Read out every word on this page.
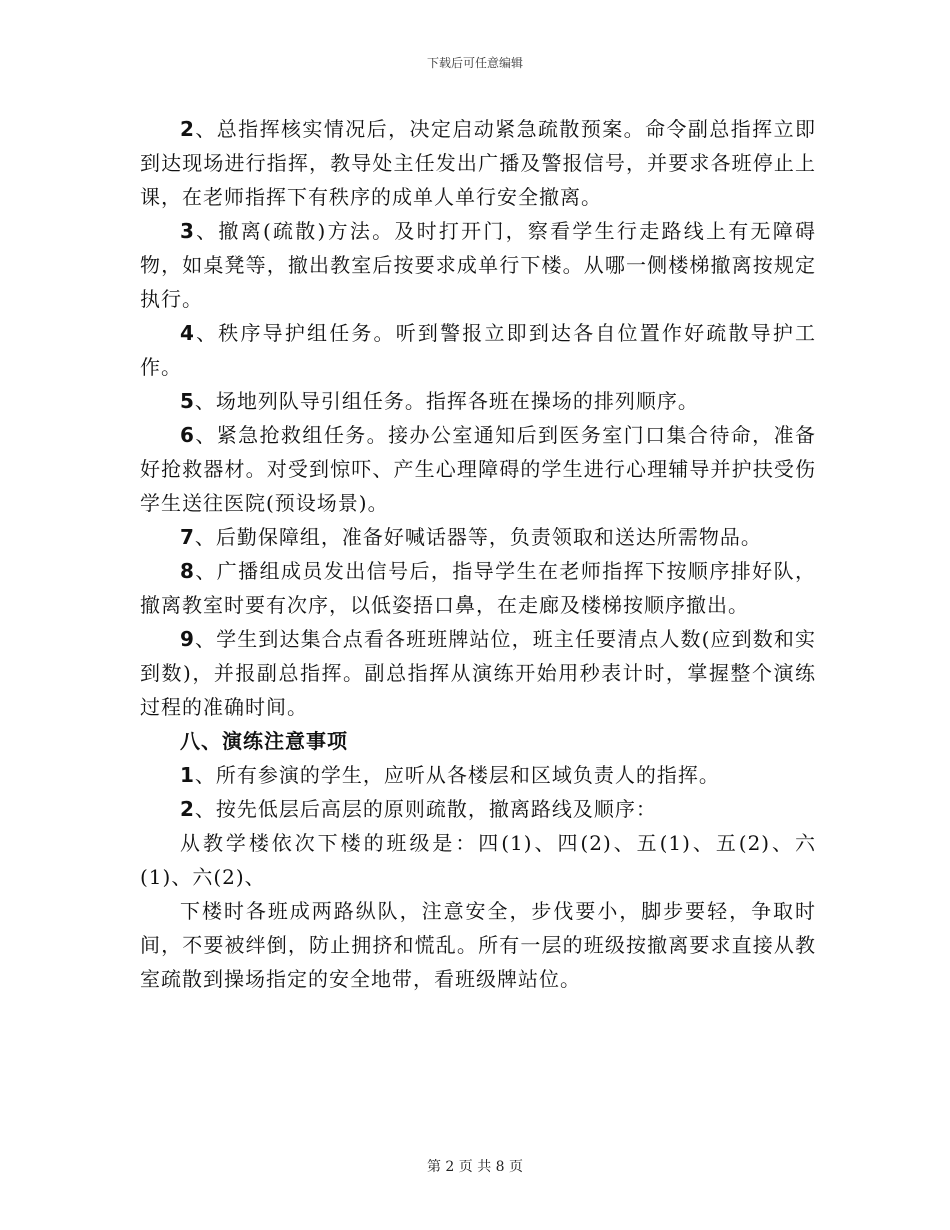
下载后可任意编辑

2、总指挥核实情况后，决定启动紧急疏散预案。命令副总指挥立即到达现场进行指挥，教导处主任发出广播及警报信号，并要求各班停止上课，在老师指挥下有秩序的成单人单行安全撤离。

3、撤离(疏散)方法。及时打开门，察看学生行走路线上有无障碍物，如桌凳等，撤出教室后按要求成单行下楼。从哪一侧楼梯撤离按规定执行。

4、秩序导护组任务。听到警报立即到达各自位置作好疏散导护工作。

5、场地列队导引组任务。指挥各班在操场的排列顺序。

6、紧急抢救组任务。接办公室通知后到医务室门口集合待命，准备好抢救器材。对受到惊吓、产生心理障碍的学生进行心理辅导并护扶受伤学生送往医院(预设场景)。

7、后勤保障组，准备好喊话器等，负责领取和送达所需物品。

8、广播组成员发出信号后，指导学生在老师指挥下按顺序排好队，撤离教室时要有次序，以低姿捂口鼻，在走廊及楼梯按顺序撤出。

9、学生到达集合点看各班班牌站位，班主任要清点人数(应到数和实到数)，并报副总指挥。副总指挥从演练开始用秒表计时，掌握整个演练过程的准确时间。

八、演练注意事项

1、所有参演的学生，应听从各楼层和区域负责人的指挥。

2、按先低层后高层的原则疏散，撤离路线及顺序：

从教学楼依次下楼的班级是：四(1)、四(2)、五(1)、五(2)、六(1)、六(2)、

下楼时各班成两路纵队，注意安全，步伐要小，脚步要轻，争取时间，不要被绊倒，防止拥挤和慌乱。所有一层的班级按撤离要求直接从教室疏散到操场指定的安全地带，看班级牌站位。

第 2 页 共 8 页
